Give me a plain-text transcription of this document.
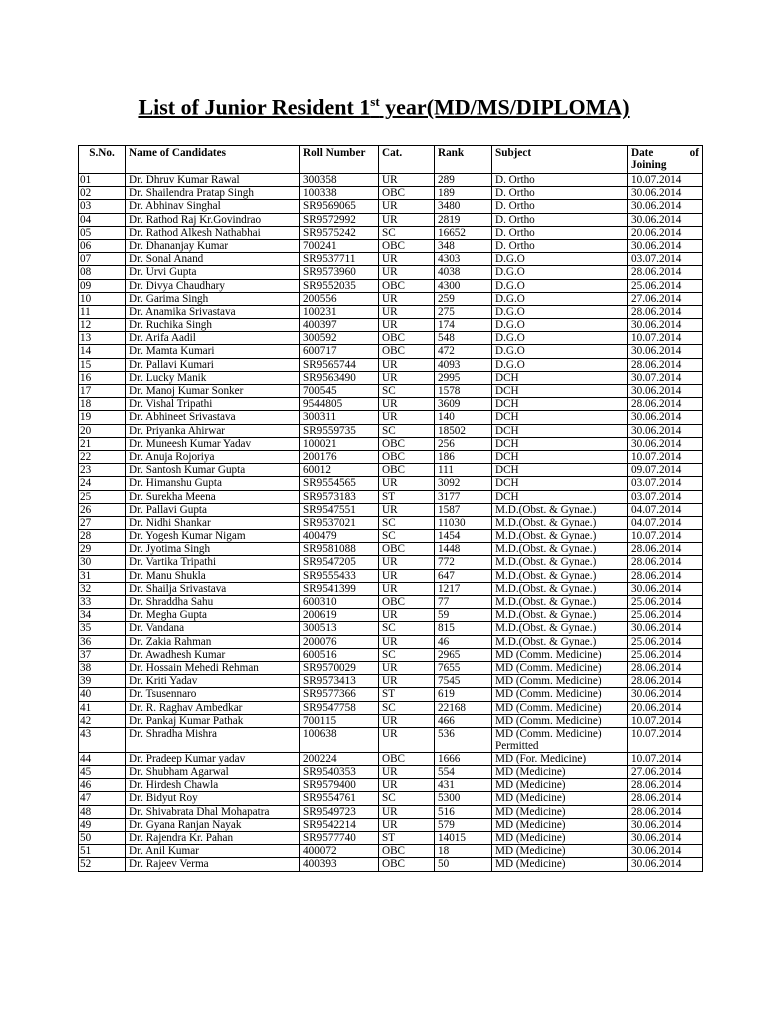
List of Junior Resident 1st year(MD/MS/DIPLOMA)
S.No.	Name of Candidates	Roll Number	Cat.	Rank	Subject	Date of
Joining

01	Dr. Dhruv Kumar Rawal	300358	UR	289	D. Ortho	10.07.2014
02	Dr. Shailendra Pratap Singh	100338	OBC	189	D. Ortho	30.06.2014
03	Dr. Abhinav Singhal	SR9569065	UR	3480	D. Ortho	30.06.2014
04	Dr. Rathod Raj Kr.Govindrao	SR9572992	UR	2819	D. Ortho	30.06.2014
05	Dr. Rathod Alkesh Nathabhai	SR9575242	SC	16652	D. Ortho	20.06.2014
06	Dr. Dhananjay Kumar	700241	OBC	348	D. Ortho	30.06.2014
07	Dr. Sonal Anand	SR9537711	UR	4303	D.G.O	03.07.2014
08	Dr. Urvi Gupta	SR9573960	UR	4038	D.G.O	28.06.2014
09	Dr. Divya Chaudhary	SR9552035	OBC	4300	D.G.O	25.06.2014
10	Dr. Garima Singh	200556	UR	259	D.G.O	27.06.2014
11	Dr. Anamika Srivastava	100231	UR	275	D.G.O	28.06.2014
12	Dr. Ruchika Singh	400397	UR	174	D.G.O	30.06.2014
13	Dr. Arifa Aadil	300592	OBC	548	D.G.O	10.07.2014
14	Dr. Mamta Kumari	600717	OBC	472	D.G.O	30.06.2014
15	Dr. Pallavi Kumari	SR9565744	UR	4093	D.G.O	28.06.2014
16	Dr. Lucky Manik	SR9563490	UR	2995	DCH	30.07.2014
17	Dr. Manoj Kumar Sonker	700545	SC	1578	DCH	30.06.2014
18	Dr. Vishal Tripathi	9544805	UR	3609	DCH	28.06.2014
19	Dr. Abhineet Srivastava	300311	UR	140	DCH	30.06.2014
20	Dr. Priyanka Ahirwar	SR9559735	SC	18502	DCH	30.06.2014
21	Dr. Muneesh Kumar Yadav	100021	OBC	256	DCH	30.06.2014
22	Dr. Anuja Rojoriya	200176	OBC	186	DCH	10.07.2014
23	Dr. Santosh Kumar Gupta	60012	OBC	111	DCH	09.07.2014
24	Dr. Himanshu Gupta	SR9554565	UR	3092	DCH	03.07.2014
25	Dr. Surekha Meena	SR9573183	ST	3177	DCH	03.07.2014
26	Dr. Pallavi Gupta	SR9547551	UR	1587	M.D.(Obst. & Gynae.)	04.07.2014
27	Dr. Nidhi Shankar	SR9537021	SC	11030	M.D.(Obst. & Gynae.)	04.07.2014
28	Dr. Yogesh Kumar Nigam	400479	SC	1454	M.D.(Obst. & Gynae.)	10.07.2014
29	Dr. Jyotima Singh	SR9581088	OBC	1448	M.D.(Obst. & Gynae.)	28.06.2014
30	Dr. Vartika Tripathi	SR9547205	UR	772	M.D.(Obst. & Gynae.)	28.06.2014
31	Dr. Manu Shukla	SR9555433	UR	647	M.D.(Obst. & Gynae.)	28.06.2014
32	Dr. Shailja Srivastava	SR9541399	UR	1217	M.D.(Obst. & Gynae.)	30.06.2014
33	Dr. Shraddha Sahu	600310	OBC	77	M.D.(Obst. & Gynae.)	25.06.2014
34	Dr. Megha Gupta	200619	UR	59	M.D.(Obst. & Gynae.)	25.06.2014
35	Dr. Vandana	300513	SC	815	M.D.(Obst. & Gynae.)	30.06.2014
36	Dr. Zakia Rahman	200076	UR	46	M.D.(Obst. & Gynae.)	25.06.2014
37	Dr. Awadhesh Kumar	600516	SC	2965	MD (Comm. Medicine)	25.06.2014
38	Dr. Hossain Mehedi Rehman	SR9570029	UR	7655	MD (Comm. Medicine)	28.06.2014
39	Dr. Kriti Yadav	SR9573413	UR	7545	MD (Comm. Medicine)	28.06.2014
40	Dr. Tsusennaro	SR9577366	ST	619	MD (Comm. Medicine)	30.06.2014
41	Dr. R. Raghav Ambedkar	SR9547758	SC	22168	MD (Comm. Medicine)	20.06.2014
42	Dr. Pankaj Kumar Pathak	700115	UR	466	MD (Comm. Medicine)	10.07.2014
43	Dr. Shradha Mishra	100638	UR	536	MD (Comm. Medicine) Permitted	10.07.2014
44	Dr. Pradeep Kumar yadav	200224	OBC	1666	MD (For. Medicine)	10.07.2014
45	Dr. Shubham Agarwal	SR9540353	UR	554	MD (Medicine)	27.06.2014
46	Dr. Hirdesh Chawla	SR9579400	UR	431	MD (Medicine)	28.06.2014
47	Dr. Bidyut Roy	SR9554761	SC	5300	MD (Medicine)	28.06.2014
48	Dr. Shivabrata Dhal Mohapatra	SR9549723	UR	516	MD (Medicine)	28.06.2014
49	Dr. Gyana Ranjan Nayak	SR9542214	UR	579	MD (Medicine)	30.06.2014
50	Dr. Rajendra Kr. Pahan	SR9577740	ST	14015	MD (Medicine)	30.06.2014
51	Dr. Anil Kumar	400072	OBC	18	MD (Medicine)	30.06.2014
52	Dr. Rajeev Verma	400393	OBC	50	MD (Medicine)	30.06.2014
